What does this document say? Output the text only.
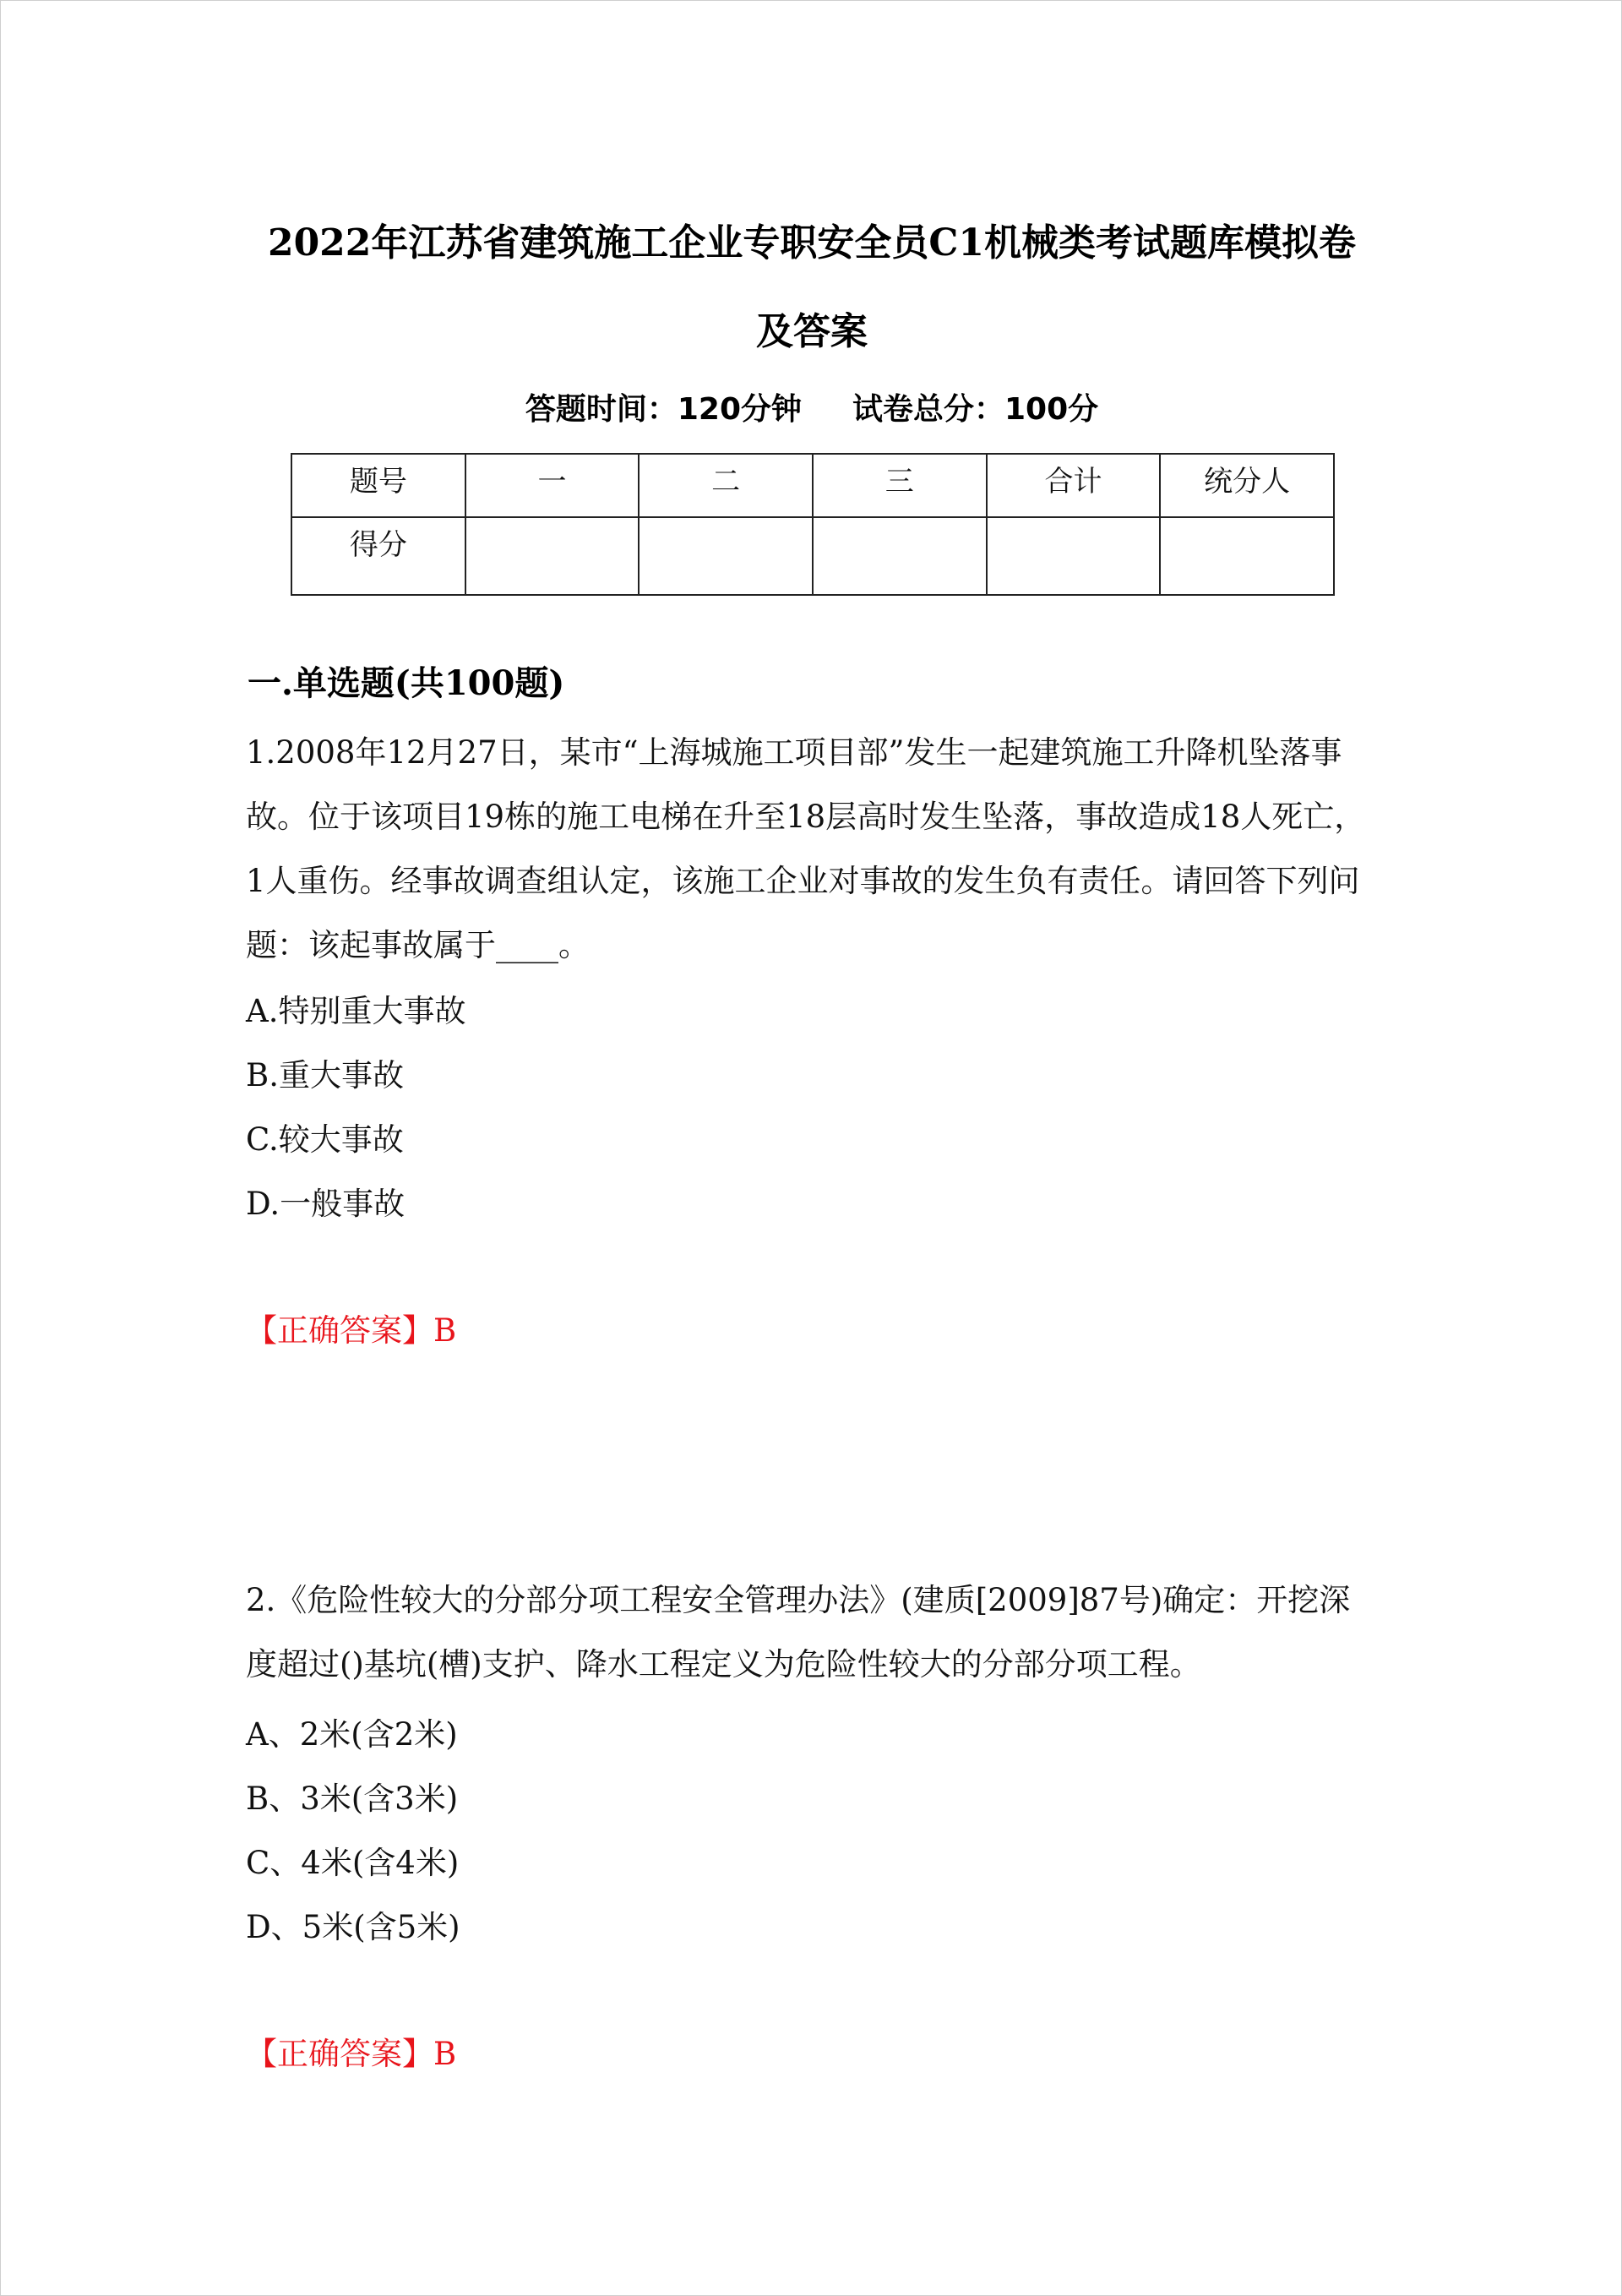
2022年江苏省建筑施工企业专职安全员C1机械类考试题库模拟卷
及答案
答题时间：120分钟 试卷总分：100分
题号	一	二	三	合计	统分人
得分					
一.单选题(共100题)
1.2008年12月27日，某市“上海城施工项目部”发生一起建筑施工升降机坠落事故。位于该项目19栋的施工电梯在升至18层高时发生坠落，事故造成18人死亡，1人重伤。经事故调查组认定，该施工企业对事故的发生负有责任。请回答下列问题：该起事故属于____。
A.特别重大事故
B.重大事故
C.较大事故
D.一般事故
【正确答案】B
2.《危险性较大的分部分项工程安全管理办法》(建质[2009]87号)确定：开挖深度超过()基坑(槽)支护、降水工程定义为危险性较大的分部分项工程。
A、2米(含2米)
B、3米(含3米)
C、4米(含4米)
D、5米(含5米)
【正确答案】B
